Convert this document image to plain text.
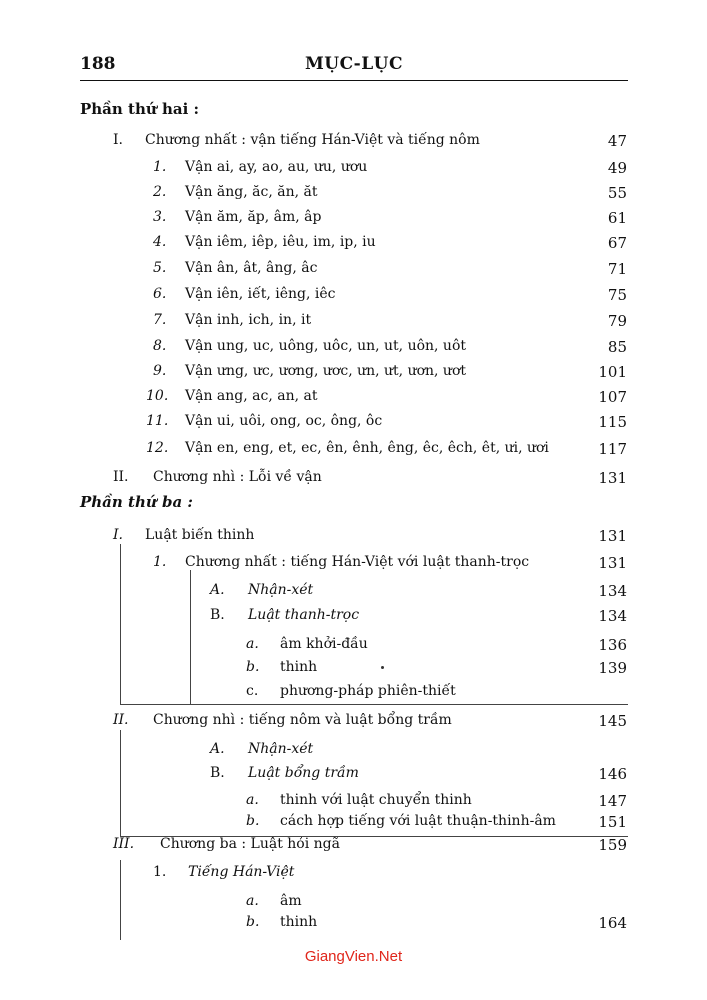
188	MỤC-LỤC
Phần thứ hai :
I. Chương nhất : vận tiếng Hán-Việt và tiếng nôm	47
1. Vận ai, ay, ao, au, ưu, ươu	49
2. Vận ăng, ăc, ăn, ăt	55
3. Vận ăm, ăp, âm, âp	61
4. Vận iêm, iêp, iêu, im, ip, iu	67
5. Vận ân, ât, âng, âc	71
6. Vận iên, iết, iêng, iêc	75
7. Vận inh, ich, in, it	79
8. Vận ung, uc, uông, uôc, un, ut, uôn, uôt	85
9. Vận ưng, ưc, ương, ươc, ưn, ưt, ươn, ươt	101
10. Vận ang, ac, an, at	107
11. Vận ui, uôi, ong, oc, ông, ôc	115
12. Vận en, eng, et, ec, ên, ênh, êng, êc, êch, êt, ưi, ươi	117
II. Chương nhì : Lỗi về vận	131
Phần thứ ba :
I. Luật biến thinh	131
1. Chương nhất : tiếng Hán-Việt với luật thanh-trọc	131
A. Nhận-xét	134
B. Luật thanh-trọc	134
a. âm khởi-đầu	136
b. thinh	139
c. phương-pháp phiên-thiết
II. Chương nhì : tiếng nôm và luật bổng trầm	145
A. Nhận-xét
B. Luật bổng trầm	146
a. thinh với luật chuyển thinh	147
b. cách hợp tiếng với luật thuận-thinh-âm	151
III. Chương ba : Luật hỏi ngã	159
1. Tiếng Hán-Việt
a. âm
b. thinh	164
GiangVien.Net
